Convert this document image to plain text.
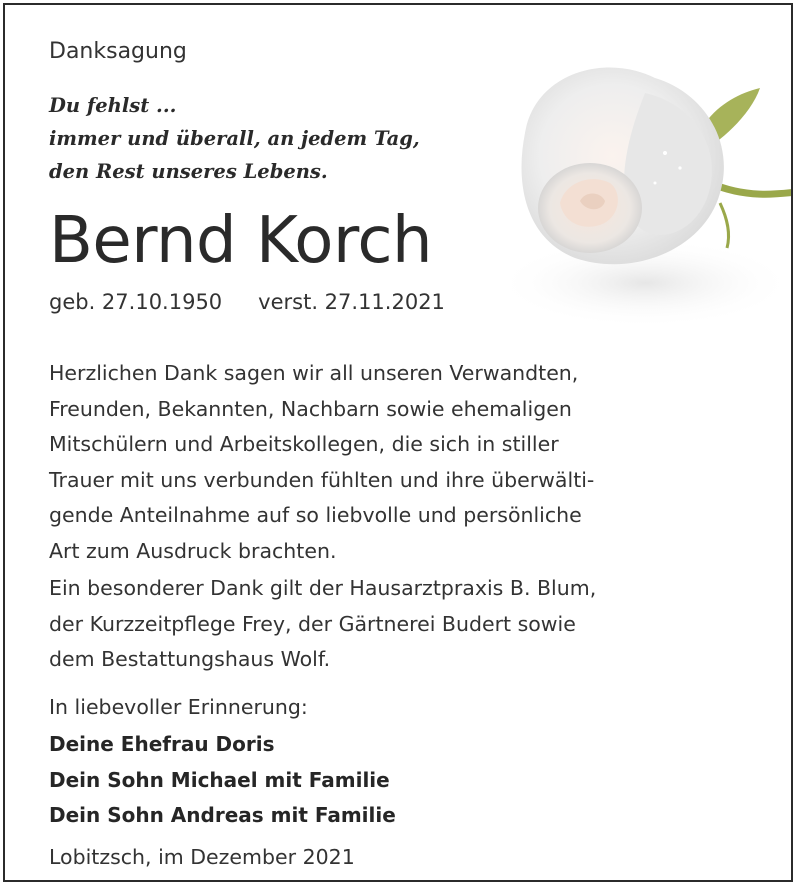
Danksagung
Du fehlst ...
immer und überall, an jedem Tag,
den Rest unseres Lebens.
Bernd Korch
geb. 27.10.1950 verst. 27.11.2021
Herzlichen Dank sagen wir all unseren Verwandten,
Freunden, Bekannten, Nachbarn sowie ehemaligen
Mitschülern und Arbeitskollegen, die sich in stiller
Trauer mit uns verbunden fühlten und ihre überwälti-
gende Anteilnahme auf so liebvolle und persönliche
Art zum Ausdruck brachten.
Ein besonderer Dank gilt der Hausarztpraxis B. Blum,
der Kurzzeitpflege Frey, der Gärtnerei Budert sowie
dem Bestattungshaus Wolf.
In liebevoller Erinnerung:
Deine Ehefrau Doris
Dein Sohn Michael mit Familie
Dein Sohn Andreas mit Familie
Lobitzsch, im Dezember 2021
